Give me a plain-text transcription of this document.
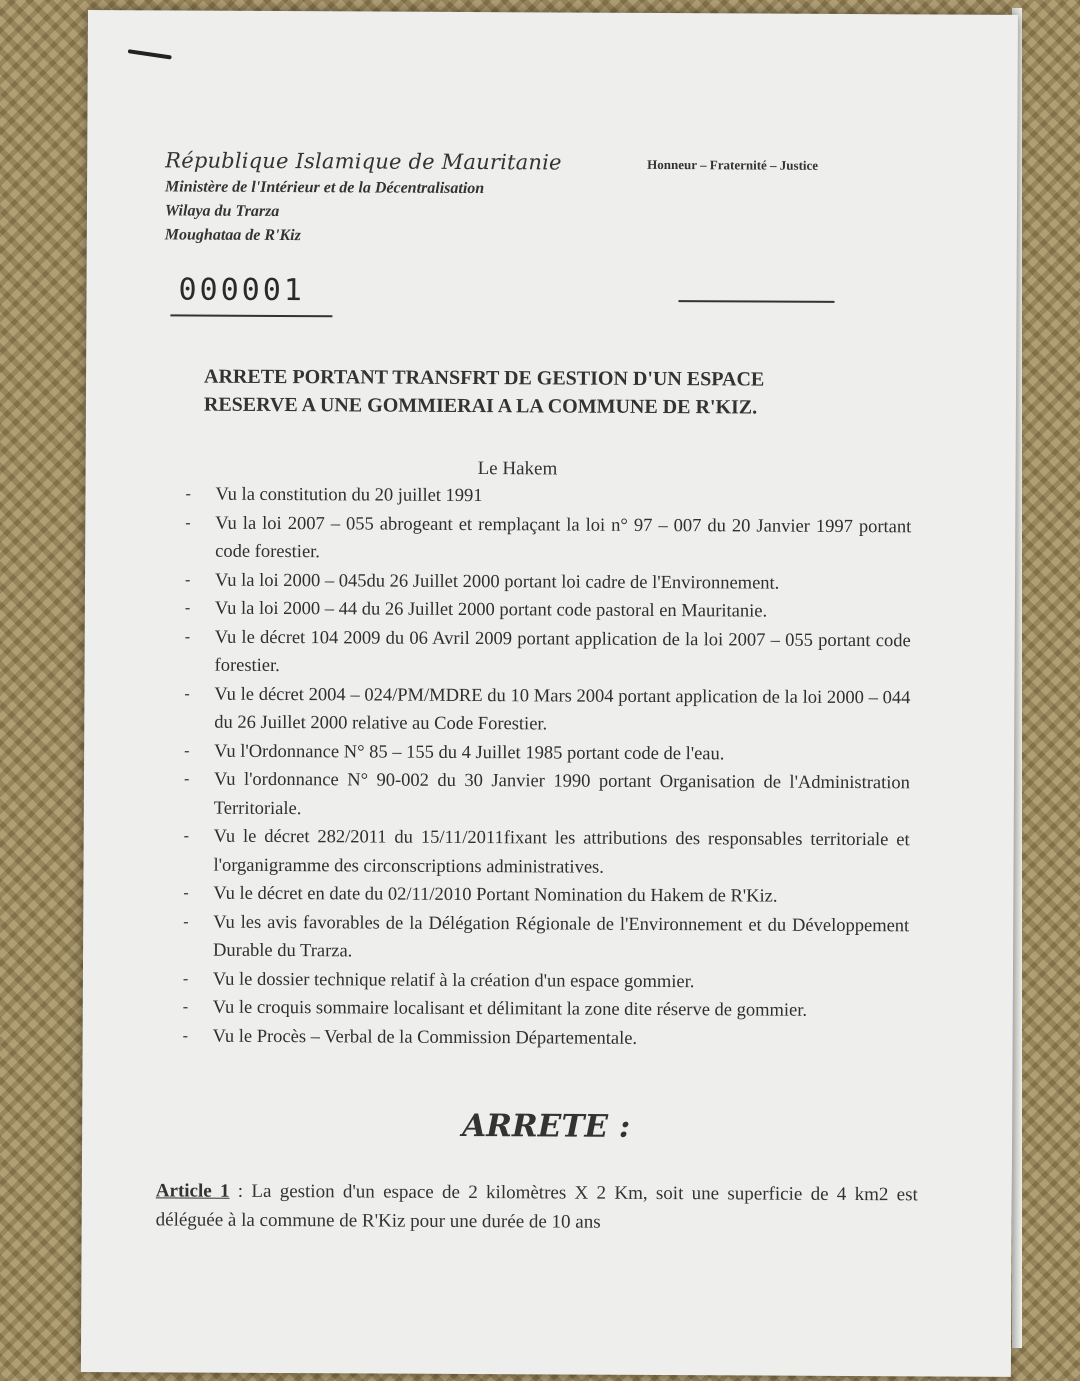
République Islamique de Mauritanie
Ministère de l'Intérieur et de la Décentralisation
Wilaya du Trarza
Moughataa de R'Kiz
Honneur – Fraternité – Justice
000001
ARRETE PORTANT TRANSFRT DE GESTION D'UN ESPACE
RESERVE A UNE GOMMIERAI A LA COMMUNE DE R'KIZ.
Le Hakem
- Vu la constitution du 20 juillet 1991
- Vu la loi 2007 – 055 abrogeant et remplaçant la loi n° 97 – 007 du 20 Janvier 1997 portant code forestier.
- Vu la loi 2000 – 045du 26 Juillet 2000 portant loi cadre de l'Environnement.
- Vu la loi 2000 – 44 du 26 Juillet 2000 portant code pastoral en Mauritanie.
- Vu le décret 104 2009 du 06 Avril 2009 portant application de la loi 2007 – 055 portant code forestier.
- Vu le décret 2004 – 024/PM/MDRE du 10 Mars 2004 portant application de la loi 2000 – 044 du 26 Juillet 2000 relative au Code Forestier.
- Vu l'Ordonnance N° 85 – 155 du 4 Juillet 1985 portant code de l'eau.
- Vu l'ordonnance N° 90-002 du 30 Janvier 1990 portant Organisation de l'Administration Territoriale.
- Vu le décret 282/2011 du 15/11/2011fixant les attributions des responsables territoriale et l'organigramme des circonscriptions administratives.
- Vu le décret en date du 02/11/2010 Portant Nomination du Hakem de R'Kiz.
- Vu les avis favorables de la Délégation Régionale de l'Environnement et du Développement Durable du Trarza.
- Vu le dossier technique relatif à la création d'un espace gommier.
- Vu le croquis sommaire localisant et délimitant la zone dite réserve de gommier.
- Vu le Procès – Verbal de la Commission Départementale.
ARRETE :
Article 1 : La gestion d'un espace de 2 kilomètres X 2 Km, soit une superficie de 4 km2 est déléguée à la commune de R'Kiz pour une durée de 10 ans
